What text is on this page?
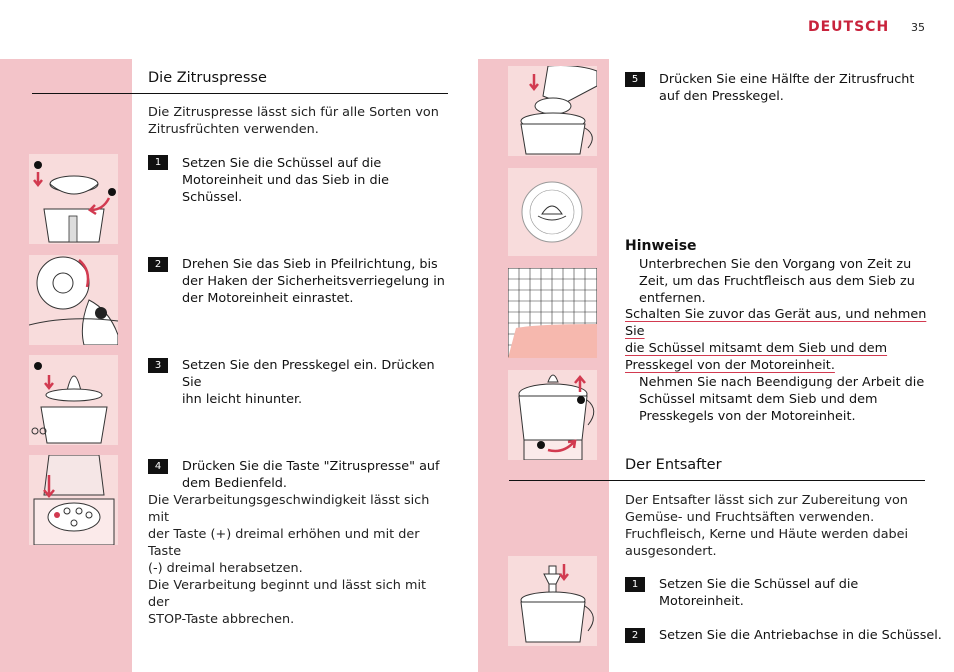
DEUTSCH 35
Die Zitruspresse
Die Zitruspresse lässt sich für alle Sorten von
Zitrusfrüchten verwenden.
1	Setzen Sie die Schüssel auf die
Motoreinheit und das Sieb in die Schüssel.
2	Drehen Sie das Sieb in Pfeilrichtung, bis
der Haken der Sicherheitsverriegelung in
der Motoreinheit einrastet.
3	Setzen Sie den Presskegel ein. Drücken Sie
ihn leicht hinunter.
4	Drücken Sie die Taste "Zitruspresse" auf
dem Bedienfeld.
Die Verarbeitungsgeschwindigkeit lässt sich mit
der Taste (+) dreimal erhöhen und mit der Taste
(-) dreimal herabsetzen.
Die Verarbeitung beginnt und lässt sich mit der
STOP-Taste abbrechen.
5	Drücken Sie eine Hälfte der Zitrusfrucht
auf den Presskegel.
Hinweise
Unterbrechen Sie den Vorgang von Zeit zu
Zeit, um das Fruchtfleisch aus dem Sieb zu
entfernen.
Schalten Sie zuvor das Gerät aus, und nehmen Sie
die Schüssel mitsamt dem Sieb und dem
Presskegel von der Motoreinheit.
Nehmen Sie nach Beendigung der Arbeit die
Schüssel mitsamt dem Sieb und dem
Presskegels von der Motoreinheit.
Der Entsafter
Der Entsafter lässt sich zur Zubereitung von
Gemüse- und Fruchtsäften verwenden.
Fruchfleisch, Kerne und Häute werden dabei
ausgesondert.
1	Setzen Sie die Schüssel auf die
Motoreinheit.
2	Setzen Sie die Antriebachse in die Schüssel.
